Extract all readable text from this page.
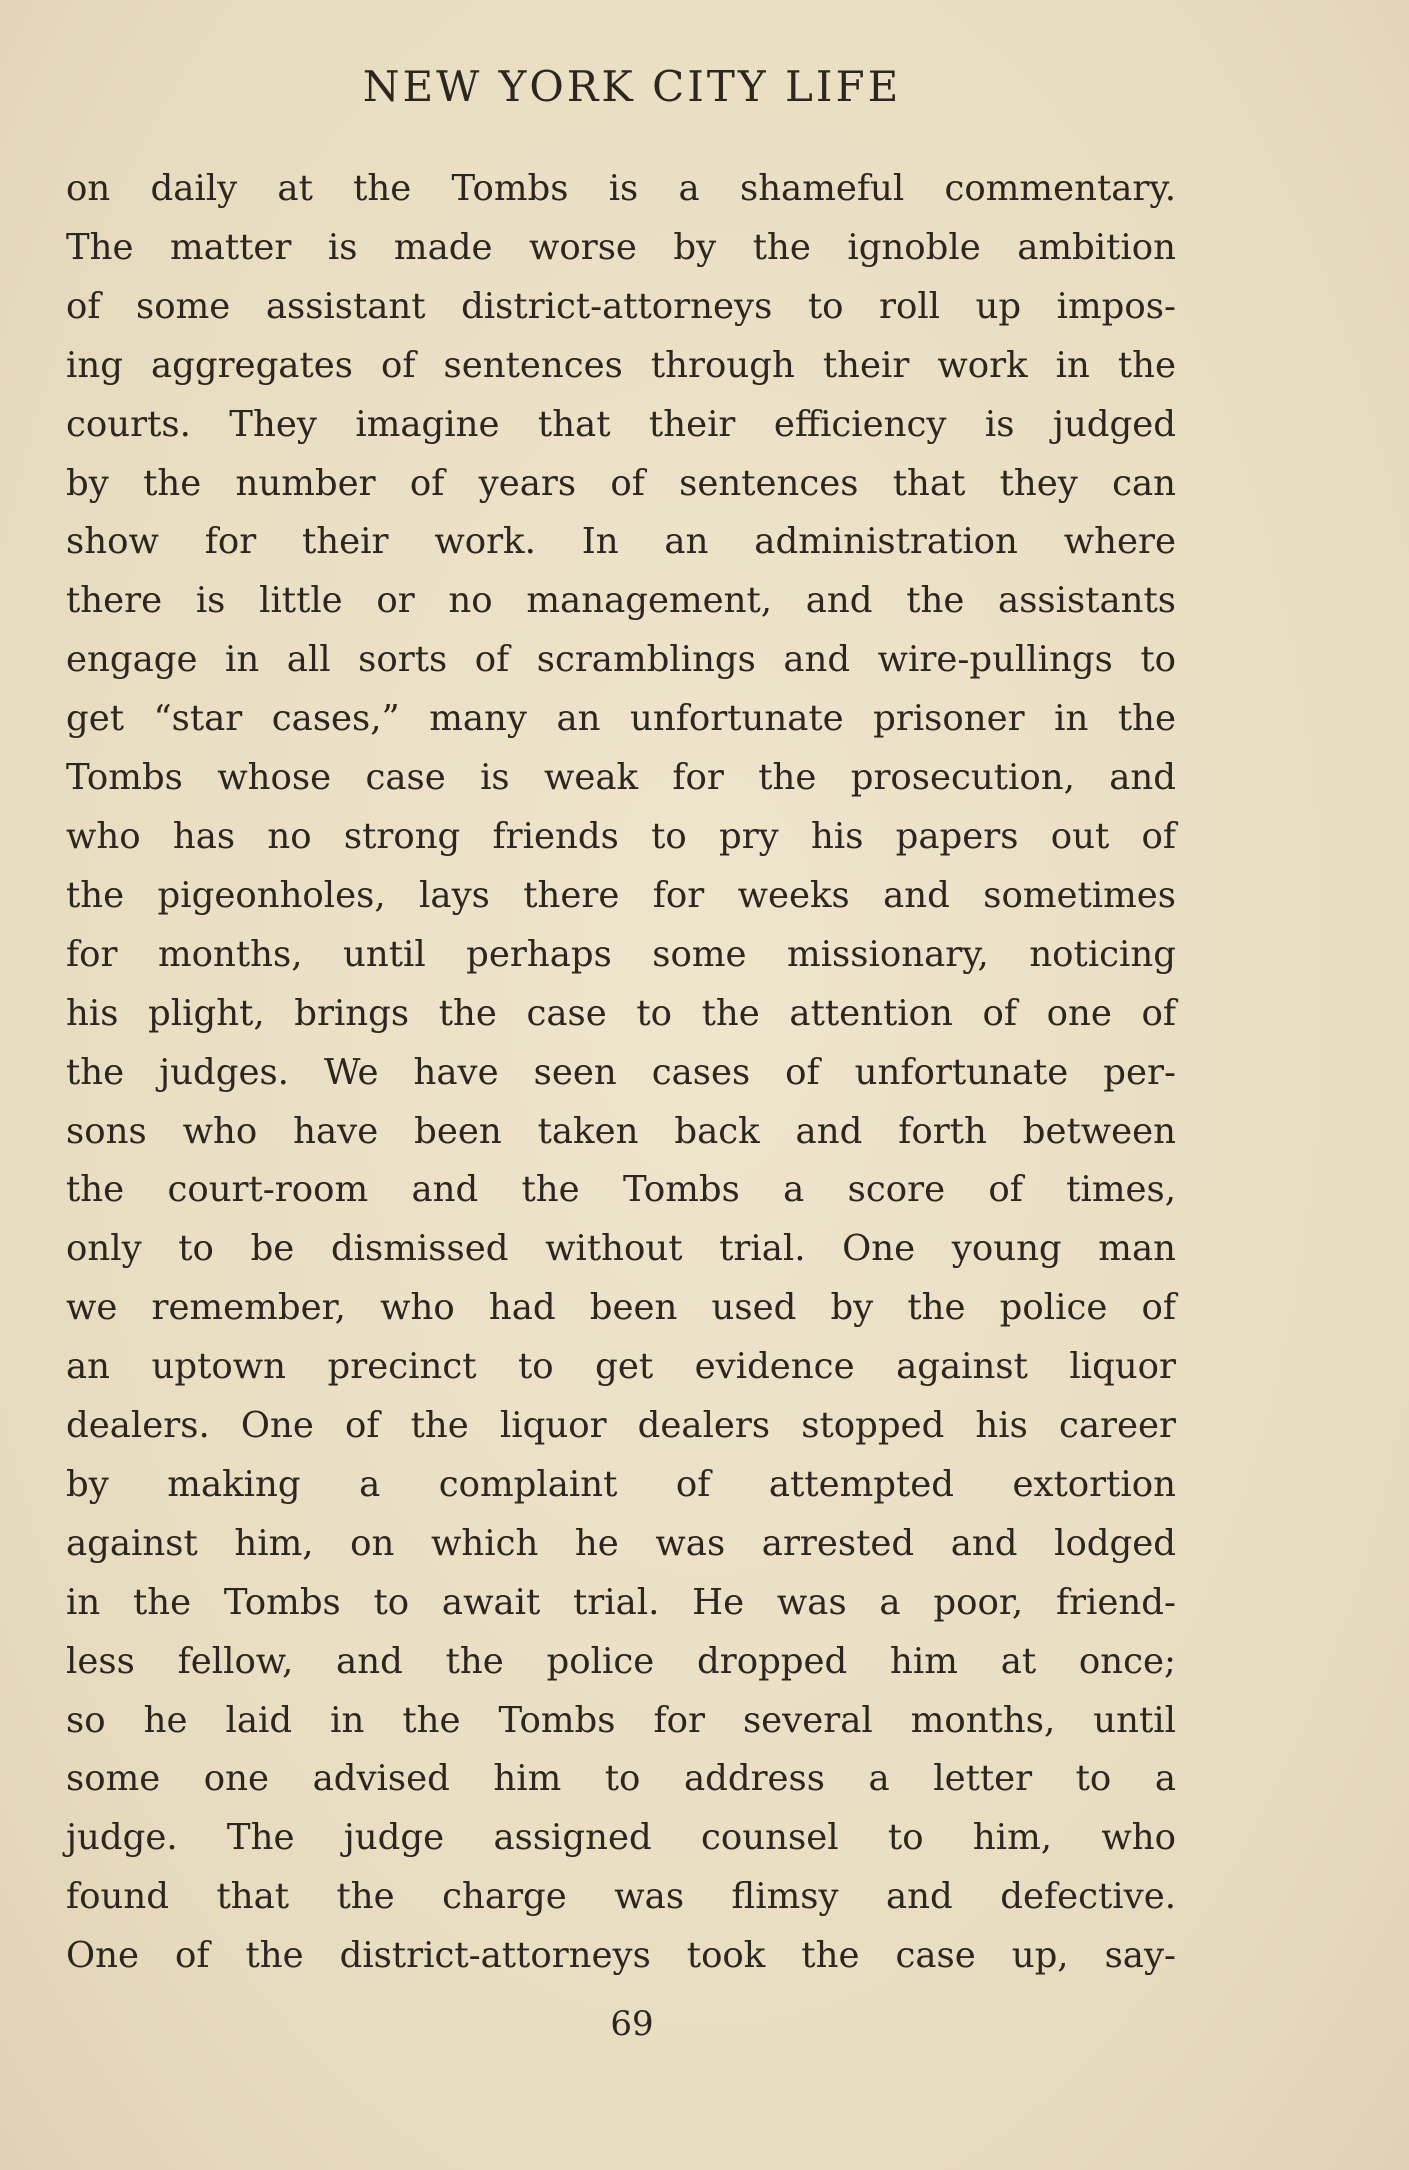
NEW YORK CITY LIFE
on daily at the Tombs is a shameful commentary.
The matter is made worse by the ignoble ambition
of some assistant district-attorneys to roll up impos-
ing aggregates of sentences through their work in the
courts. They imagine that their efficiency is judged
by the number of years of sentences that they can
show for their work. In an administration where
there is little or no management, and the assistants
engage in all sorts of scramblings and wire-pullings to
get “star cases,” many an unfortunate prisoner in the
Tombs whose case is weak for the prosecution, and
who has no strong friends to pry his papers out of
the pigeonholes, lays there for weeks and sometimes
for months, until perhaps some missionary, noticing
his plight, brings the case to the attention of one of
the judges. We have seen cases of unfortunate per-
sons who have been taken back and forth between
the court-room and the Tombs a score of times,
only to be dismissed without trial. One young man
we remember, who had been used by the police of
an uptown precinct to get evidence against liquor
dealers. One of the liquor dealers stopped his career
by making a complaint of attempted extortion
against him, on which he was arrested and lodged
in the Tombs to await trial. He was a poor, friend-
less fellow, and the police dropped him at once;
so he laid in the Tombs for several months, until
some one advised him to address a letter to a
judge. The judge assigned counsel to him, who
found that the charge was flimsy and defective.
One of the district-attorneys took the case up, say-
69
